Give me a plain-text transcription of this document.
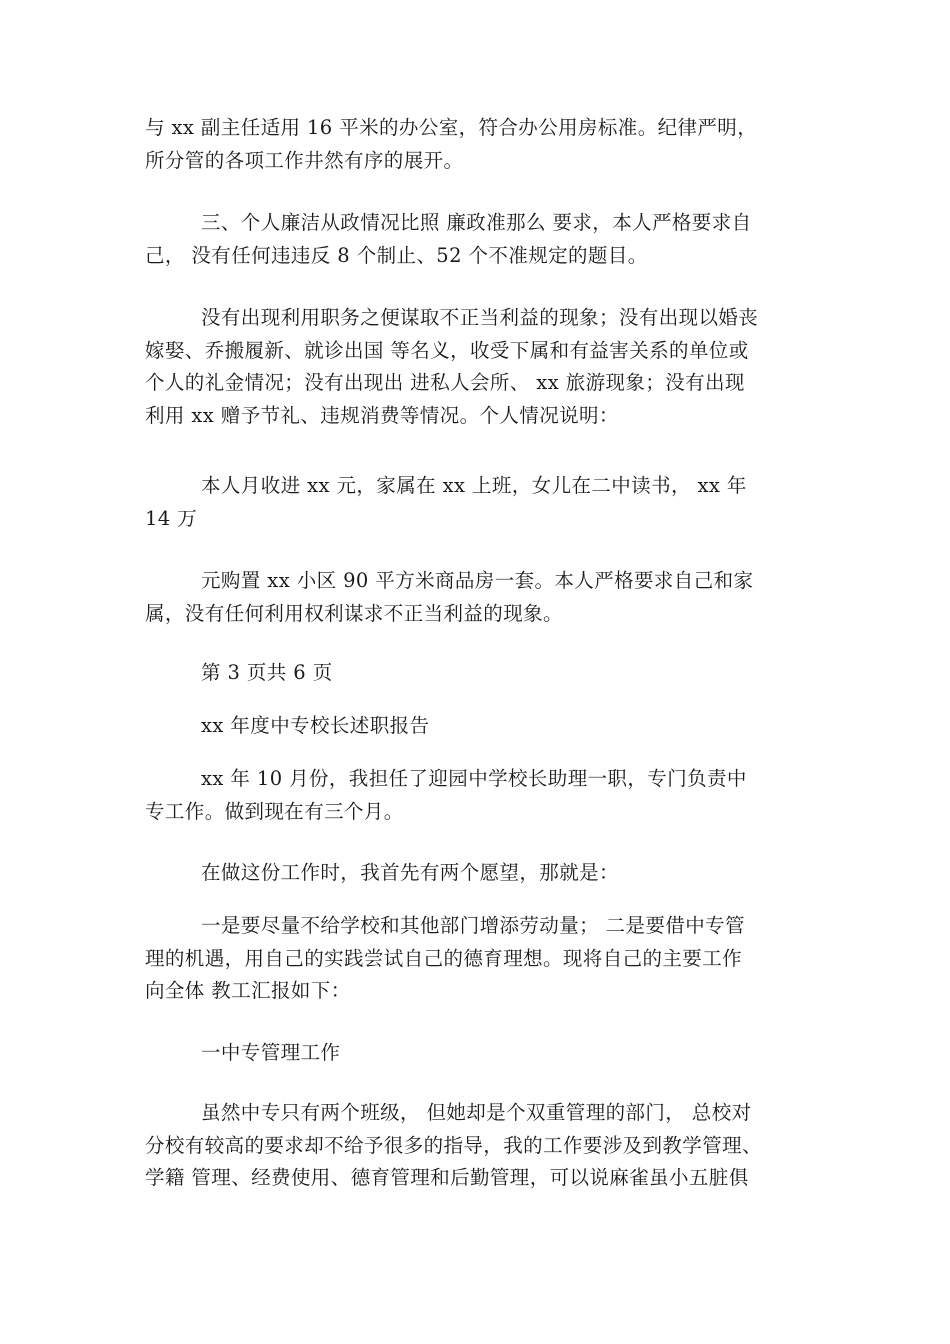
与 xx 副主任适用 16 平米的办公室，符合办公用房标准。纪律严明，
所分管的各项工作井然有序的展开。

三、个人廉洁从政情况比照 廉政准那么 要求，本人严格要求自
己， 没有任何违违反 8 个制止、52 个不准规定的题目。

没有出现利用职务之便谋取不正当利益的现象；没有出现以婚丧
嫁娶、乔搬履新、就诊出国 等名义，收受下属和有益害关系的单位或
个人的礼金情况；没有出现出 进私人会所、 xx 旅游现象；没有出现
利用 xx 赠予节礼、违规消费等情况。个人情况说明：

本人月收进 xx 元，家属在 xx 上班，女儿在二中读书， xx 年
14 万

元购置 xx 小区 90 平方米商品房一套。本人严格要求自己和家
属，没有任何利用权利谋求不正当利益的现象。

第 3 页共 6 页

xx 年度中专校长述职报告

xx 年 10 月份，我担任了迎园中学校长助理一职，专门负责中
专工作。做到现在有三个月。

在做这份工作时，我首先有两个愿望，那就是：

一是要尽量不给学校和其他部门增添劳动量； 二是要借中专管
理的机遇，用自己的实践尝试自己的德育理想。现将自己的主要工作
向全体 教工汇报如下：

一中专管理工作

虽然中专只有两个班级， 但她却是个双重管理的部门， 总校对
分校有较高的要求却不给予很多的指导，我的工作要涉及到教学管理、
学籍 管理、经费使用、德育管理和后勤管理，可以说麻雀虽小五脏俱
